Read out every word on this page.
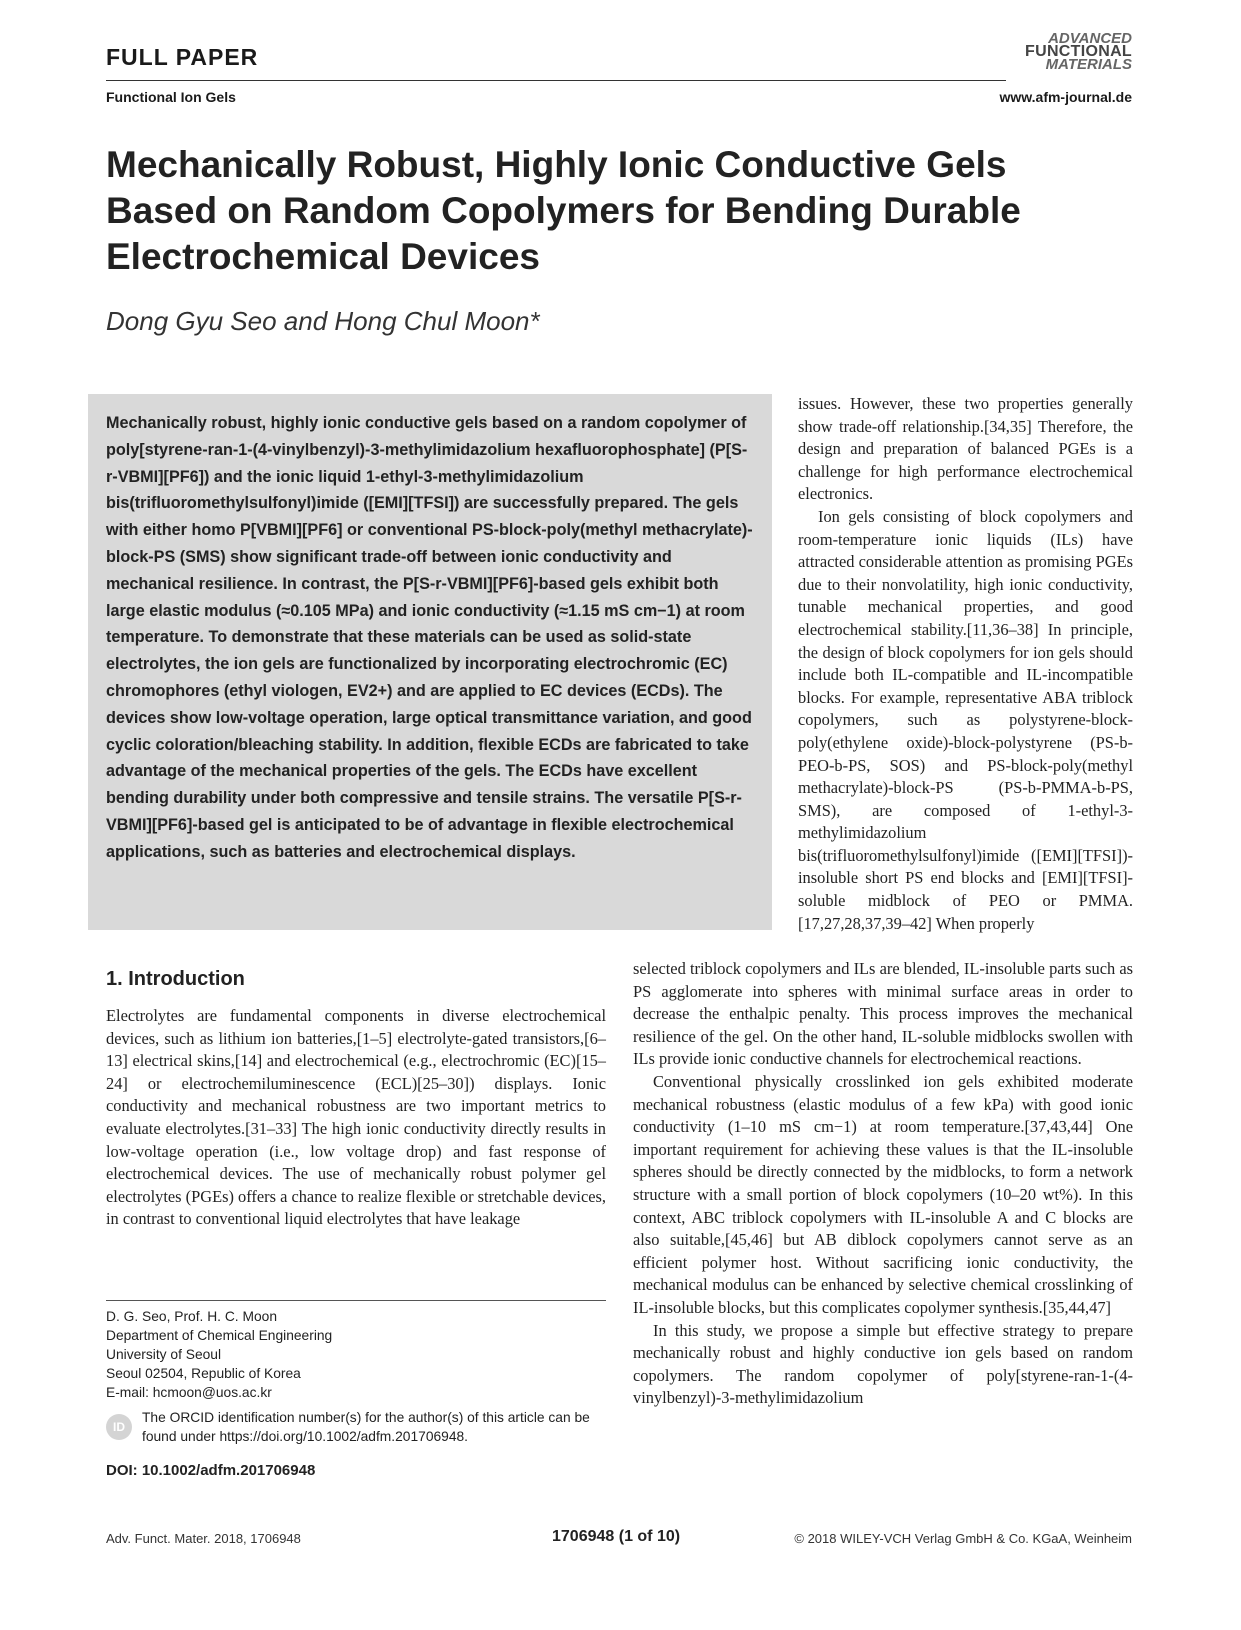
FULL PAPER
Functional Ion Gels
ADVANCED
FUNCTIONAL
MATERIALS
www.afm-journal.de
Mechanically Robust, Highly Ionic Conductive Gels Based on Random Copolymers for Bending Durable Electrochemical Devices
Dong Gyu Seo and Hong Chul Moon*
Mechanically robust, highly ionic conductive gels based on a random copolymer of poly[styrene-ran-1-(4-vinylbenzyl)-3-methylimidazolium hexafluorophosphate] (P[S-r-VBMI][PF6]) and the ionic liquid 1-ethyl-3-methylimidazolium bis(trifluoromethylsulfonyl)imide ([EMI][TFSI]) are successfully prepared. The gels with either homo P[VBMI][PF6] or conventional PS-block-poly(methyl methacrylate)-block-PS (SMS) show significant trade-off between ionic conductivity and mechanical resilience. In contrast, the P[S-r-VBMI][PF6]-based gels exhibit both large elastic modulus (≈0.105 MPa) and ionic conductivity (≈1.15 mS cm−1) at room temperature. To demonstrate that these materials can be used as solid-state electrolytes, the ion gels are functionalized by incorporating electrochromic (EC) chromophores (ethyl viologen, EV2+) and are applied to EC devices (ECDs). The devices show low-voltage operation, large optical transmittance variation, and good cyclic coloration/bleaching stability. In addition, flexible ECDs are fabricated to take advantage of the mechanical properties of the gels. The ECDs have excellent bending durability under both compressive and tensile strains. The versatile P[S-r-VBMI][PF6]-based gel is anticipated to be of advantage in flexible electrochemical applications, such as batteries and electrochemical displays.

issues. However, these two properties generally show trade-off relationship.[34,35] Therefore, the design and preparation of balanced PGEs is a challenge for high performance electrochemical electronics.

Ion gels consisting of block copolymers and room-temperature ionic liquids (ILs) have attracted considerable attention as promising PGEs due to their nonvolatility, high ionic conductivity, tunable mechanical properties, and good electrochemical stability.[11,36–38] In principle, the design of block copolymers for ion gels should include both IL-compatible and IL-incompatible blocks. For example, representative ABA triblock copolymers, such as polystyrene-block-poly(ethylene oxide)-block-polystyrene (PS-b-PEO-b-PS, SOS) and PS-block-poly(methyl methacrylate)-block-PS (PS-b-PMMA-b-PS, SMS), are composed of 1-ethyl-3-methylimidazolium bis(trifluoromethylsulfonyl)imide ([EMI][TFSI])-insoluble short PS end blocks and [EMI][TFSI]-soluble midblock of PEO or PMMA.[17,27,28,37,39–42] When properly

1. Introduction

Electrolytes are fundamental components in diverse electrochemical devices, such as lithium ion batteries,[1–5] electrolyte-gated transistors,[6–13] electrical skins,[14] and electrochemical (e.g., electrochromic (EC)[15–24] or electrochemiluminescence (ECL)[25–30]) displays. Ionic conductivity and mechanical robustness are two important metrics to evaluate electrolytes.[31–33] The high ionic conductivity directly results in low-voltage operation (i.e., low voltage drop) and fast response of electrochemical devices. The use of mechanically robust polymer gel electrolytes (PGEs) offers a chance to realize flexible or stretchable devices, in contrast to conventional liquid electrolytes that have leakage

selected triblock copolymers and ILs are blended, IL-insoluble parts such as PS agglomerate into spheres with minimal surface areas in order to decrease the enthalpic penalty. This process improves the mechanical resilience of the gel. On the other hand, IL-soluble midblocks swollen with ILs provide ionic conductive channels for electrochemical reactions.

Conventional physically crosslinked ion gels exhibited moderate mechanical robustness (elastic modulus of a few kPa) with good ionic conductivity (1–10 mS cm−1) at room temperature.[37,43,44] One important requirement for achieving these values is that the IL-insoluble spheres should be directly connected by the midblocks, to form a network structure with a small portion of block copolymers (10–20 wt%). In this context, ABC triblock copolymers with IL-insoluble A and C blocks are also suitable,[45,46] but AB diblock copolymers cannot serve as an efficient polymer host. Without sacrificing ionic conductivity, the mechanical modulus can be enhanced by selective chemical crosslinking of IL-insoluble blocks, but this complicates copolymer synthesis.[35,44,47]

In this study, we propose a simple but effective strategy to prepare mechanically robust and highly conductive ion gels based on random copolymers. The random copolymer of poly[styrene-ran-1-(4-vinylbenzyl)-3-methylimidazolium

D. G. Seo, Prof. H. C. Moon
Department of Chemical Engineering
University of Seoul
Seoul 02504, Republic of Korea
E-mail: hcmoon@uos.ac.kr
ID
The ORCID identification number(s) for the author(s) of this article can be found under https://doi.org/10.1002/adfm.201706948.
DOI: 10.1002/adfm.201706948
Adv. Funct. Mater. 2018, 1706948	1706948 (1 of 10)	© 2018 WILEY-VCH Verlag GmbH & Co. KGaA, Weinheim
